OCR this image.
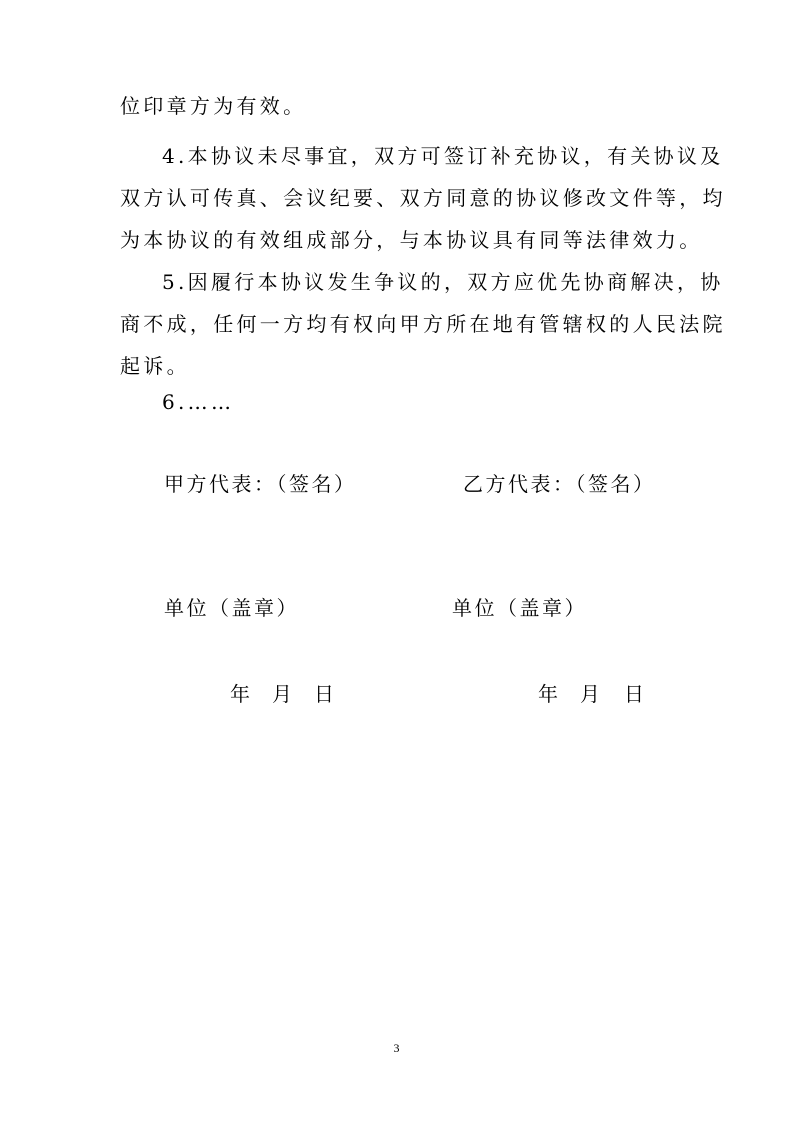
位印章方为有效。
4.本协议未尽事宜，双方可签订补充协议，有关协议及
双方认可传真、会议纪要、双方同意的协议修改文件等，均
为本协议的有效组成部分，与本协议具有同等法律效力。
5.因履行本协议发生争议的，双方应优先协商解决，协
商不成，任何一方均有权向甲方所在地有管辖权的人民法院
起诉。
6.……
甲方代表：（签名）	乙方代表：（签名）
单位（盖章）	单位（盖章）
年 月 日	年 月 日
3
